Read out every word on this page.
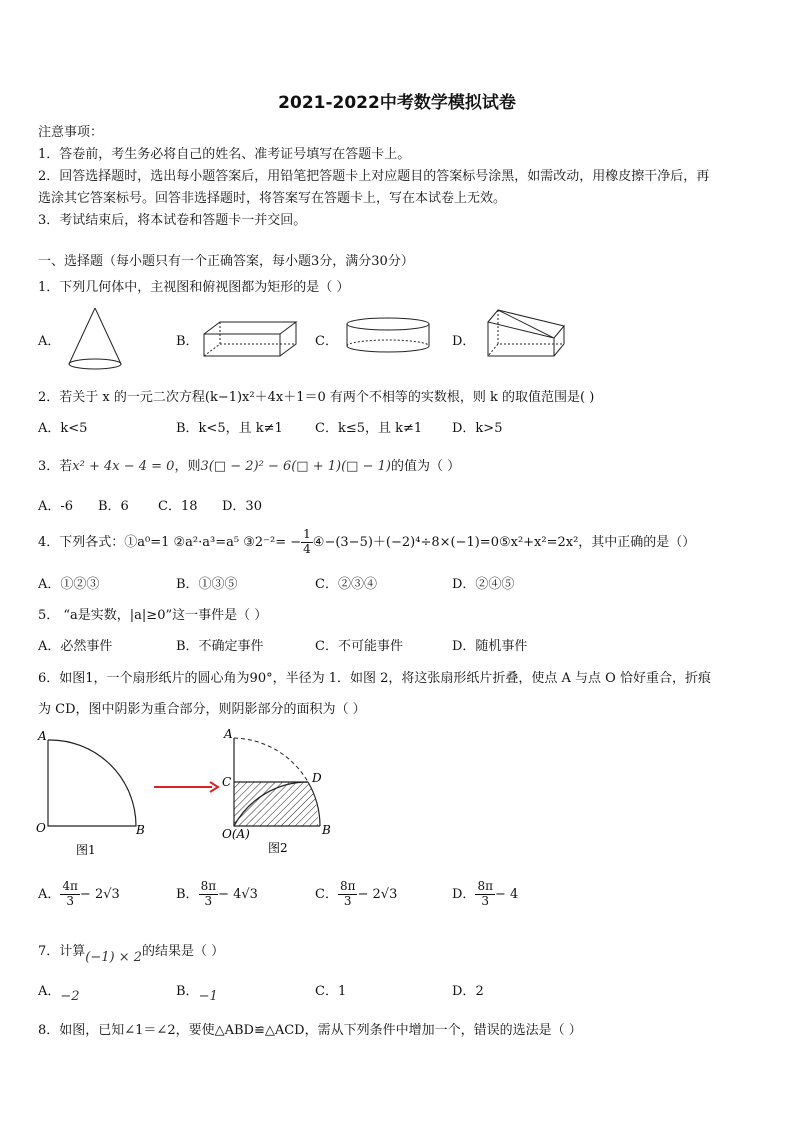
2021-2022中考数学模拟试卷
注意事项：
1．答卷前，考生务必将自己的姓名、准考证号填写在答题卡上。
2．回答选择题时，选出每小题答案后，用铅笔把答题卡上对应题目的答案标号涂黑，如需改动，用橡皮擦干净后，再
选涂其它答案标号。回答非选择题时，将答案写在答题卡上，写在本试卷上无效。
3．考试结束后，将本试卷和答题卡一并交回。
一、选择题（每小题只有一个正确答案，每小题3分，满分30分）
1．下列几何体中，主视图和俯视图都为矩形的是（ ）
A．	B．	C．	D．
2．若关于 x 的一元二次方程(k−1)x²＋4x＋1＝0 有两个不相等的实数根，则 k 的取值范围是( )
A．k<5	B．k<5，且 k≠1 C．k≤5，且 k≠1 D．k>5
3．若x² + 4x − 4 = 0，则3(□ − 2)² − 6(□ + 1)(□ − 1)的值为（ ）
A．-6 B．6 C．18 D．30
4．下列各式：①a⁰=1 ②a²·a³=a⁵ ③2⁻²= − $\frac{1}{4}$ ④−(3−5)＋(−2)⁴÷8×(−1)=0⑤x²+x²=2x²，其中正确的是（）
A．①②③	B．①③⑤	C．②③④	D．②④⑤
5． “a是实数，|a|≥0”这一事件是（ ）
A．必然事件	B．不确定事件	C．不可能事件	D．随机事件
6．如图1，一个扇形纸片的圆心角为90°，半径为 1．如图 2，将这张扇形纸片折叠，使点 A 与点 O 恰好重合，折痕
为 CD，图中阴影为重合部分，则阴影部分的面积为（ ）
A
O	B
图1
A
C	D
O(A)	B
图2
A． $\frac{4\pi}{3} - 2√3$	B． $\frac{8\pi}{3} - 4√3$	C． $\frac{8\pi}{3} - 2√3$	D． $\frac{8\pi}{3} - 4$
7．计算(−1) × 2的结果是（ ）
A．−2	B．−1	C．1	D．2
8．如图，已知∠1＝∠2，要使△ABD≌△ACD，需从下列条件中增加一个，错误的选法是（ ）
